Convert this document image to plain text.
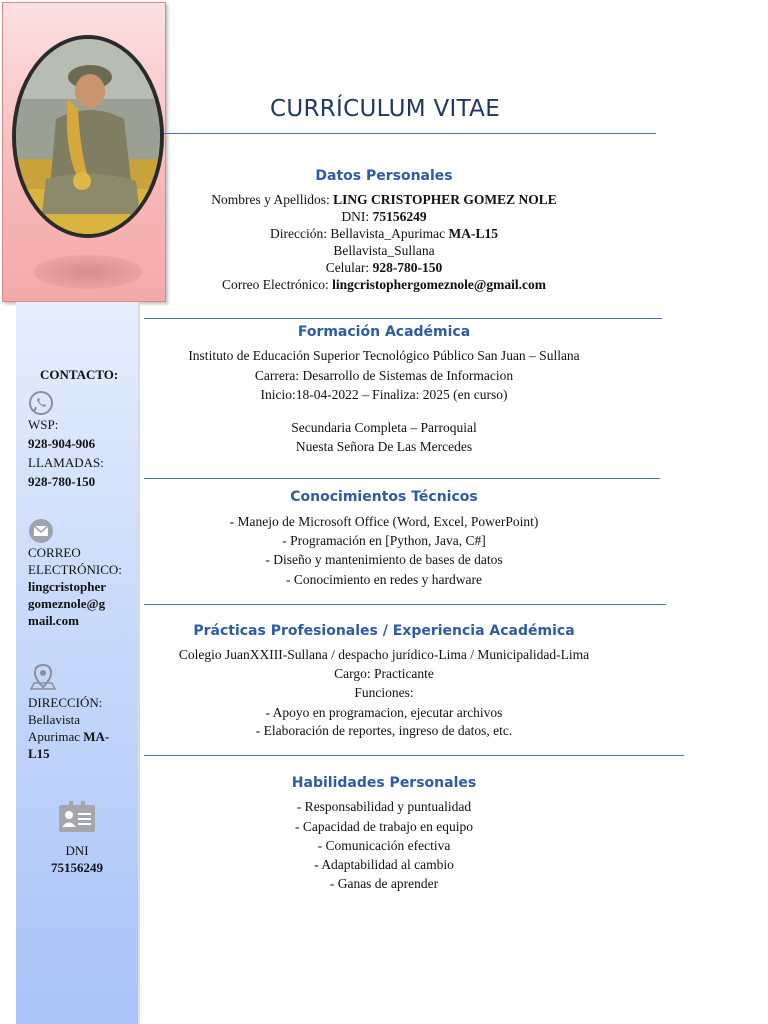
CONTACTO:
WSP:
928-904-906
LLAMADAS:
928-780-150
CORREO
ELECTRÓNICO:
lingcristopher
gomeznole@g
mail.com
DIRECCIÓN:
Bellavista
Apurimac MA-
L15
DNI
75156249
CURRÍCULUM VITAE
Datos Personales
Nombres y Apellidos: LING CRISTOPHER GOMEZ NOLE
DNI: 75156249
Dirección: Bellavista_Apurimac MA-L15
Bellavista_Sullana
Celular: 928-780-150
Correo Electrónico: lingcristophergomeznole@gmail.com
Formación Académica
Instituto de Educación Superior Tecnológico Público San Juan – Sullana
Carrera: Desarrollo de Sistemas de Informacion
Inicio:18-04-2022 – Finaliza: 2025 (en curso)
Secundaria Completa – Parroquial
Nuesta Señora De Las Mercedes
Conocimientos Técnicos
- Manejo de Microsoft Office (Word, Excel, PowerPoint)
- Programación en [Python, Java, C#]
- Diseño y mantenimiento de bases de datos
- Conocimiento en redes y hardware
Prácticas Profesionales / Experiencia Académica
Colegio JuanXXIII-Sullana / despacho jurídico-Lima / Municipalidad-Lima
Cargo: Practicante
Funciones:
- Apoyo en programacion, ejecutar archivos
- Elaboración de reportes, ingreso de datos, etc.
Habilidades Personales
- Responsabilidad y puntualidad
- Capacidad de trabajo en equipo
- Comunicación efectiva
- Adaptabilidad al cambio
- Ganas de aprender
